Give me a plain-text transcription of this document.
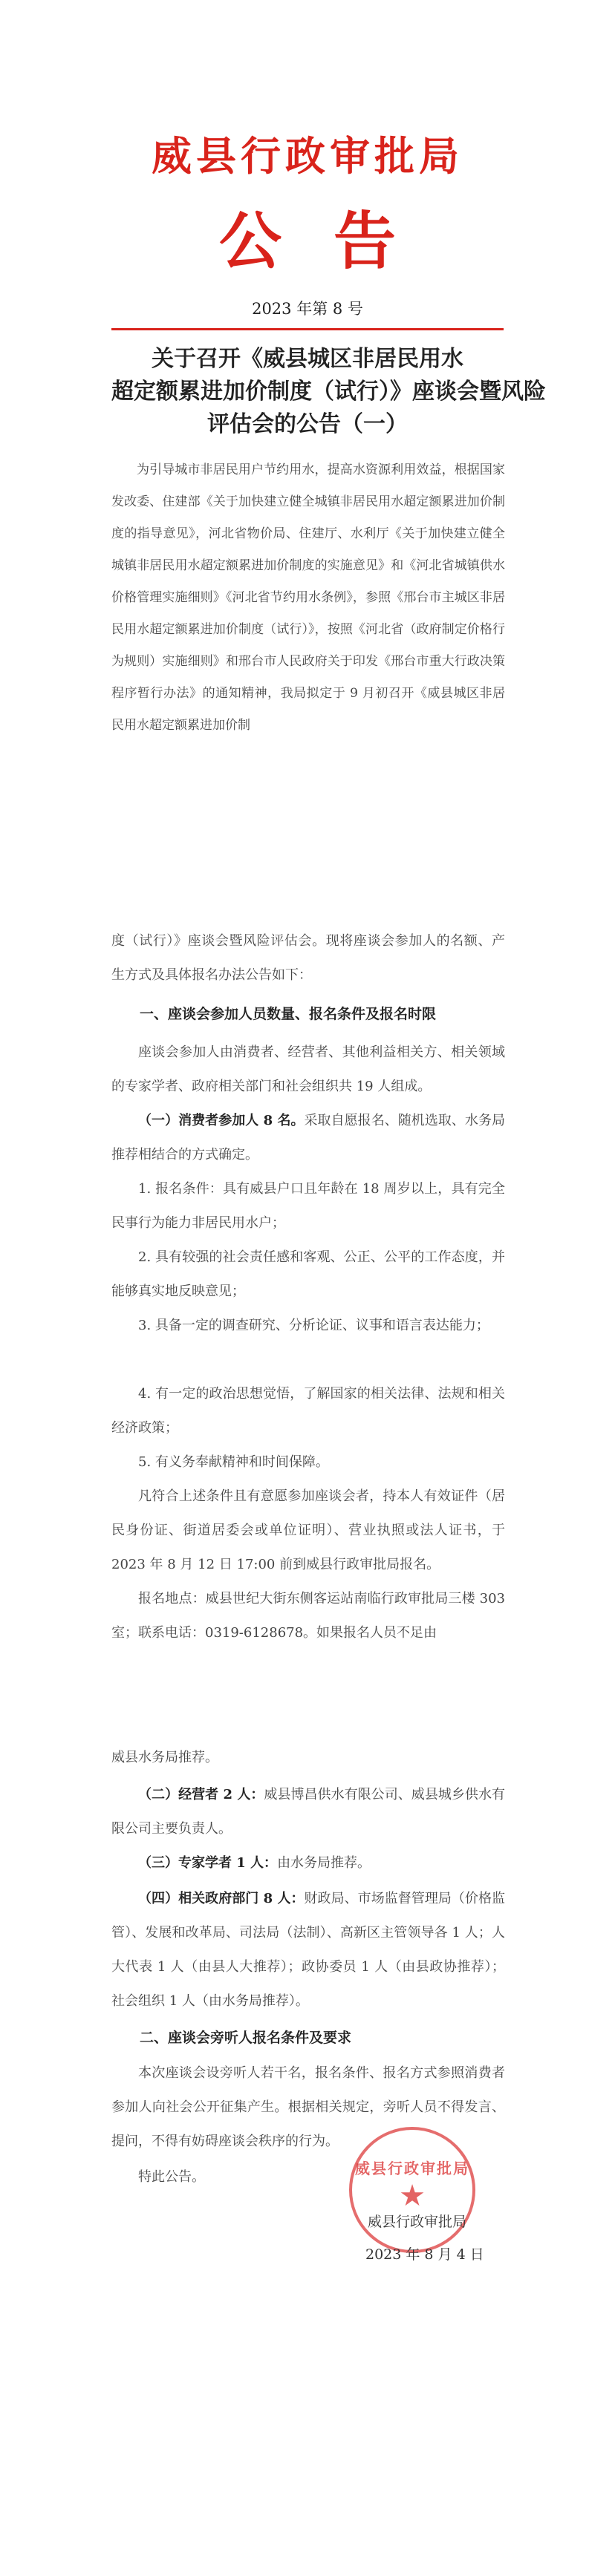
威县行政审批局
公告
2023 年第 8 号
关于召开《威县城区非居民用水
超定额累进加价制度（试行）》座谈会暨风险
评估会的公告（一）
为引导城市非居民用户节约用水，提高水资源利用效益，根据国家发改委、住建部《关于加快建立健全城镇非居民用水超定额累进加价制度的指导意见》，河北省物价局、住建厅、水利厅《关于加快建立健全城镇非居民用水超定额累进加价制度的实施意见》和《河北省城镇供水价格管理实施细则》《河北省节约用水条例》，参照《邢台市主城区非居民用水超定额累进加价制度（试行）》，按照《河北省（政府制定价格行为规则）实施细则》和邢台市人民政府关于印发《邢台市重大行政决策程序暂行办法》的通知精神，我局拟定于 9 月初召开《威县城区非居民用水超定额累进加价制
度（试行）》座谈会暨风险评估会。现将座谈会参加人的名额、产生方式及具体报名办法公告如下：
一、座谈会参加人员数量、报名条件及报名时限
座谈会参加人由消费者、经营者、其他利益相关方、相关领域的专家学者、政府相关部门和社会组织共 19 人组成。
（一）消费者参加人 8 名。采取自愿报名、随机选取、水务局推荐相结合的方式确定。
1. 报名条件：具有威县户口且年龄在 18 周岁以上，具有完全民事行为能力非居民用水户；
2. 具有较强的社会责任感和客观、公正、公平的工作态度，并能够真实地反映意见；
3. 具备一定的调查研究、分析论证、议事和语言表达能力；
4. 有一定的政治思想觉悟，了解国家的相关法律、法规和相关经济政策；
5. 有义务奉献精神和时间保障。
凡符合上述条件且有意愿参加座谈会者，持本人有效证件（居民身份证、街道居委会或单位证明）、营业执照或法人证书，于 2023 年 8 月 12 日 17:00 前到威县行政审批局报名。
报名地点：威县世纪大街东侧客运站南临行政审批局三楼 303 室；联系电话：0319-6128678。如果报名人员不足由
威县水务局推荐。
（二）经营者 2 人：威县博昌供水有限公司、威县城乡供水有限公司主要负责人。
（三）专家学者 1 人：由水务局推荐。
（四）相关政府部门 8 人：财政局、市场监督管理局（价格监管）、发展和改革局、司法局（法制）、高新区主管领导各 1 人；人大代表 1 人（由县人大推荐）；政协委员 1 人（由县政协推荐）；社会组织 1 人（由水务局推荐）。
二、座谈会旁听人报名条件及要求
本次座谈会设旁听人若干名，报名条件、报名方式参照消费者参加人向社会公开征集产生。根据相关规定，旁听人员不得发言、提问，不得有妨碍座谈会秩序的行为。
特此公告。	威县行政审批局
★
威县行政审批局
2023 年 8 月 4 日
